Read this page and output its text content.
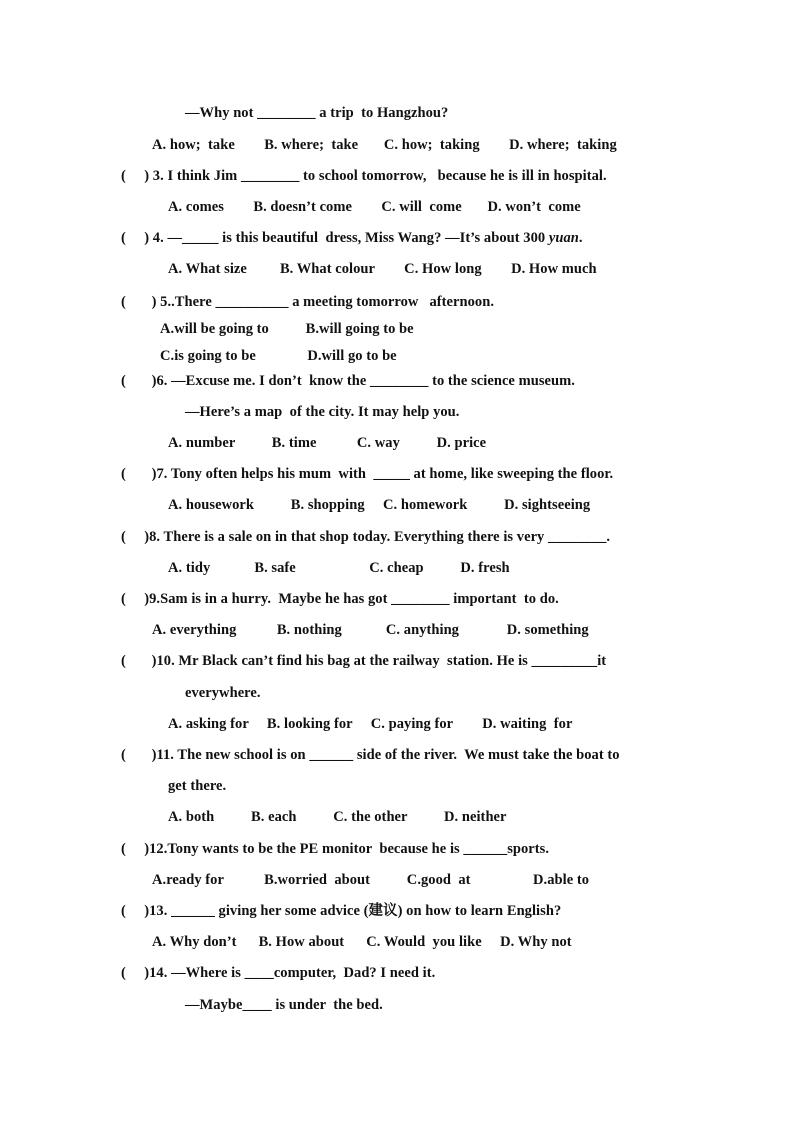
—Why not ________ a trip  to Hangzhou?
A. how;  take        B. where;  take       C. how;  taking        D. where;  taking
(     ) 3. I think Jim ________ to school tomorrow,   because he is ill in hospital.
A. comes        B. doesn’t come        C. will  come       D. won’t  come
(     ) 4. —_____ is this beautiful  dress, Miss Wang? —It’s about 300 yuan.
A. What size         B. What colour        C. How long        D. How much
(       ) 5..There __________ a meeting tomorrow   afternoon.
A.will be going to          B.will going to be
C.is going to be              D.will go to be
(       )6. —Excuse me. I don’t  know the ________ to the science museum.
—Here’s a map  of the city. It may help you.
A. number          B. time           C. way          D. price
(       )7. Tony often helps his mum  with  _____ at home, like sweeping the floor.
A. housework          B. shopping     C. homework          D. sightseeing
(     )8. There is a sale on in that shop today. Everything there is very ________.
A. tidy            B. safe                    C. cheap          D. fresh
(     )9.Sam is in a hurry.  Maybe he has got ________ important  to do.
A. everything           B. nothing            C. anything             D. something
(       )10. Mr Black can’t find his bag at the railway  station. He is _________it
everywhere.
A. asking for     B. looking for     C. paying for        D. waiting  for
(       )11. The new school is on ______ side of the river.  We must take the boat to
get there.
A. both          B. each          C. the other          D. neither
(     )12.Tony wants to be the PE monitor  because he is ______sports.
A.ready for           B.worried  about          C.good  at                 D.able to
(     )13. ______ giving her some advice (建议) on how to learn English?
A. Why don’t      B. How about      C. Would  you like     D. Why not
(     )14. —Where is ____computer,  Dad? I need it.
—Maybe____ is under  the bed.
